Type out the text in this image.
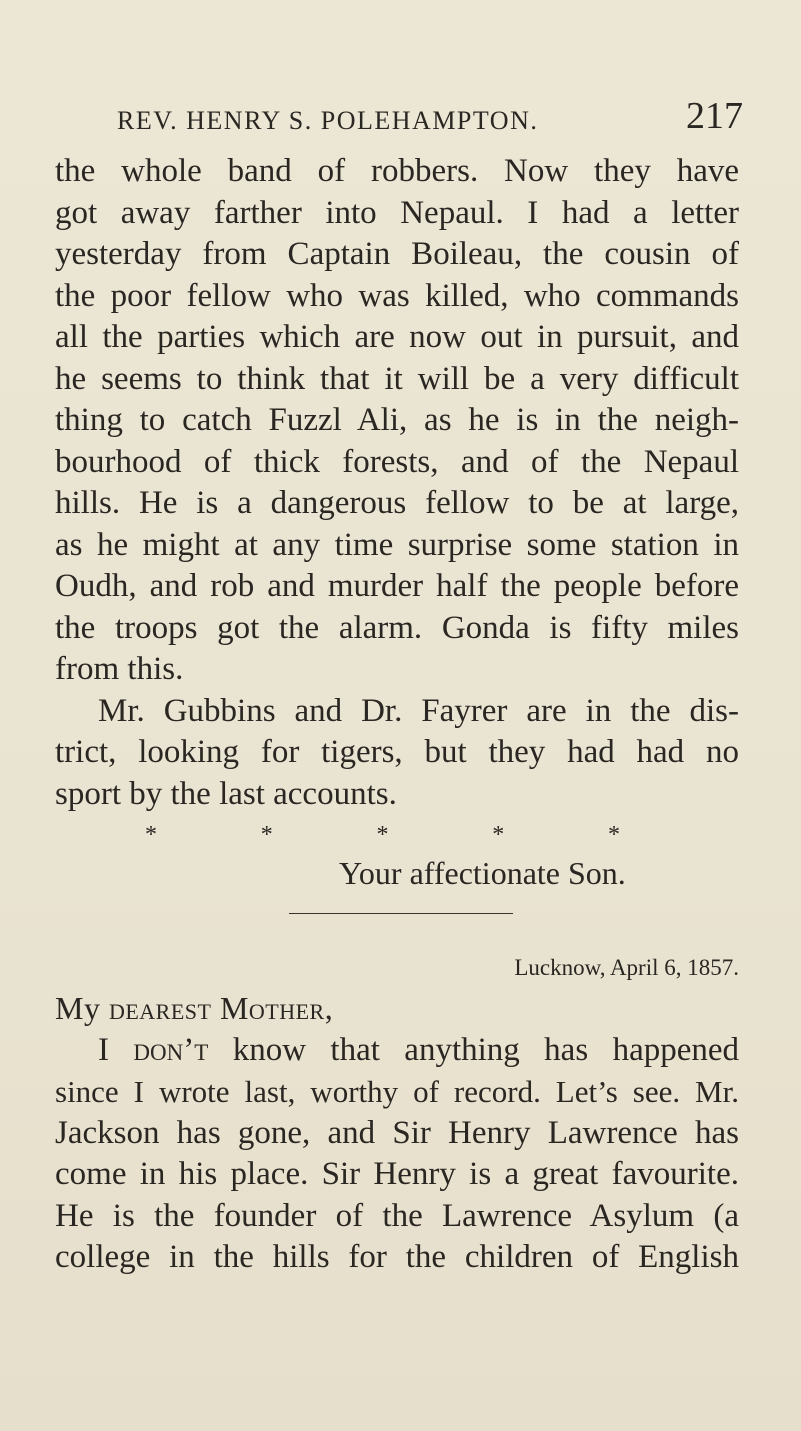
REV. HENRY S. POLEHAMPTON.	217
the whole band of robbers. Now they have
got away farther into Nepaul. I had a letter
yesterday from Captain Boileau, the cousin of
the poor fellow who was killed, who commands
all the parties which are now out in pursuit, and
he seems to think that it will be a very difficult
thing to catch Fuzzl Ali, as he is in the neigh-
bourhood of thick forests, and of the Nepaul
hills. He is a dangerous fellow to be at large,
as he might at any time surprise some station in
Oudh, and rob and murder half the people before
the troops got the alarm. Gonda is fifty miles
from this.
Mr. Gubbins and Dr. Fayrer are in the dis-
trict, looking for tigers, but they had had no
sport by the last accounts.
*	*	*	*	*
Your affectionate Son.
Lucknow, April 6, 1857.
My dearest Mother,
I don’t know that anything has happened
since I wrote last, worthy of record. Let’s see. Mr.
Jackson has gone, and Sir Henry Lawrence has
come in his place. Sir Henry is a great favourite.
He is the founder of the Lawrence Asylum (a
college in the hills for the children of English
